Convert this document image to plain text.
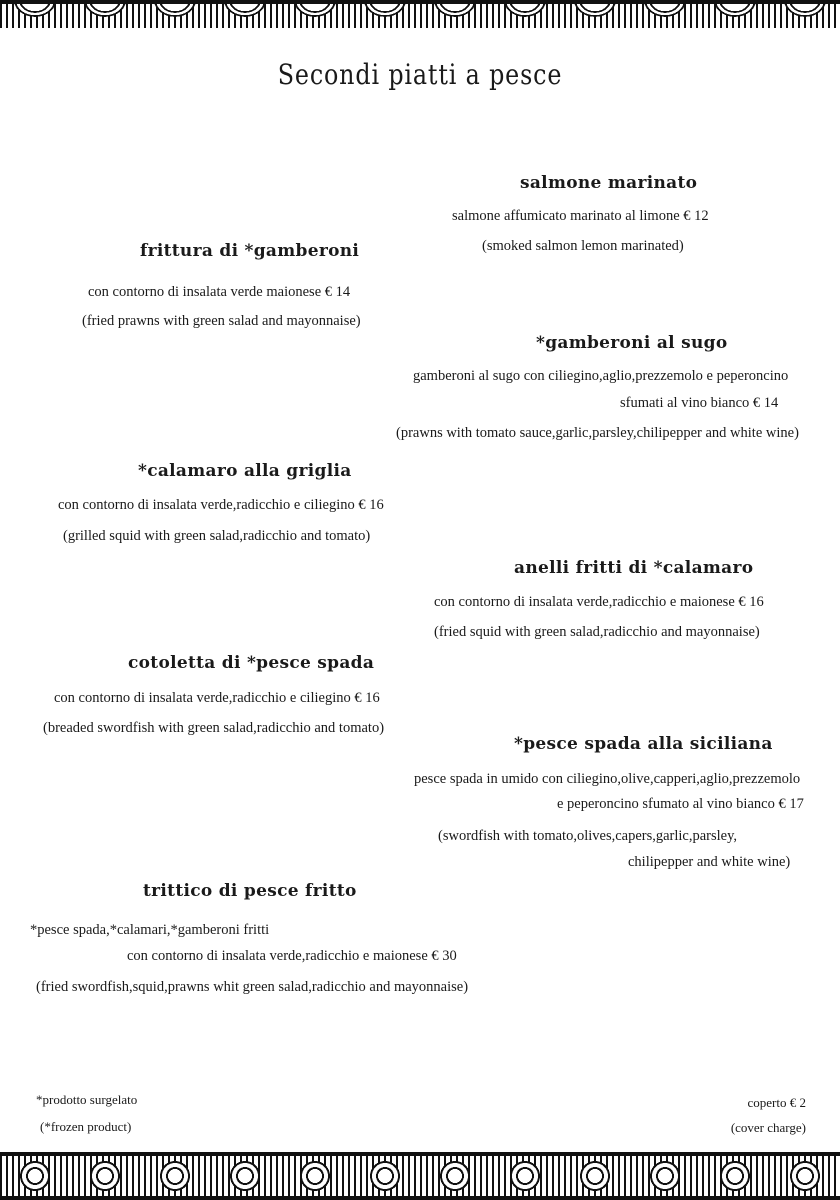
Secondi piatti a pesce
salmone marinato
salmone affumicato marinato al limone € 12
(smoked salmon lemon marinated)
frittura di *gamberoni
con contorno di insalata verde maionese € 14
(fried prawns with green salad and mayonnaise)
*gamberoni al sugo
gamberoni al sugo con ciliegino,aglio,prezzemolo e peperoncino
sfumati al vino bianco € 14
(prawns with tomato sauce,garlic,parsley,chilipepper and white wine)
*calamaro alla griglia
con contorno di insalata verde,radicchio e ciliegino € 16
(grilled squid with green salad,radicchio and tomato)
anelli fritti di *calamaro
con contorno di insalata verde,radicchio e maionese € 16
(fried squid with green salad,radicchio and mayonnaise)
cotoletta di *pesce spada
con contorno di insalata verde,radicchio e ciliegino € 16
(breaded swordfish with green salad,radicchio and tomato)
*pesce spada alla siciliana
pesce spada in umido con ciliegino,olive,capperi,aglio,prezzemolo
e peperoncino sfumato al vino bianco € 17
(swordfish with tomato,olives,capers,garlic,parsley,
chilipepper and white wine)
trittico di pesce fritto
*pesce spada,*calamari,*gamberoni fritti
con contorno di insalata verde,radicchio e maionese € 30
(fried swordfish,squid,prawns whit green salad,radicchio and mayonnaise)
*prodotto surgelato
(*frozen product)
coperto € 2
(cover charge)
